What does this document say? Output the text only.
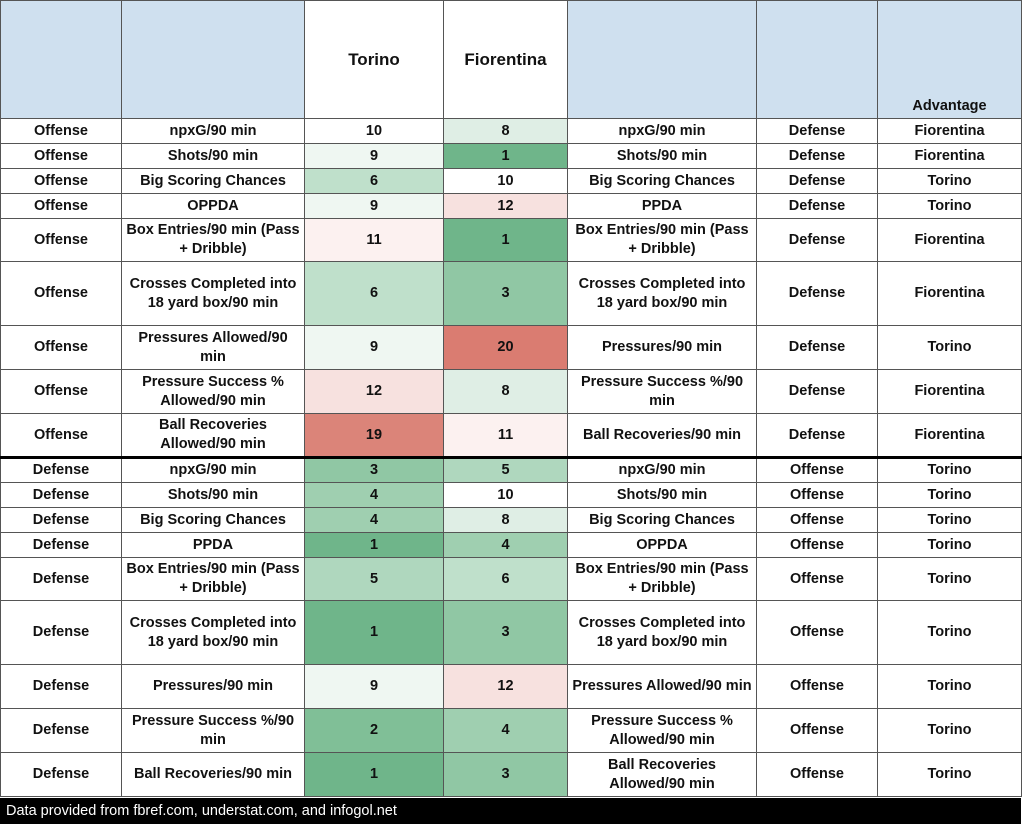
		Torino	Fiorentina			Advantage
Offense	npxG/90 min	10	8	npxG/90 min	Defense	Fiorentina
Offense	Shots/90 min	9	1	Shots/90 min	Defense	Fiorentina
Offense	Big Scoring Chances	6	10	Big Scoring Chances	Defense	Torino
Offense	OPPDA	9	12	PPDA	Defense	Torino
Offense	Box Entries/90 min (Pass + Dribble)	11	1	Box Entries/90 min (Pass + Dribble)	Defense	Fiorentina
Offense	Crosses Completed into 18 yard box/90 min	6	3	Crosses Completed into 18 yard box/90 min	Defense	Fiorentina
Offense	Pressures Allowed/90 min	9	20	Pressures/90 min	Defense	Torino
Offense	Pressure Success % Allowed/90 min	12	8	Pressure Success %/90 min	Defense	Fiorentina
Offense	Ball Recoveries Allowed/90 min	19	11	Ball Recoveries/90 min	Defense	Fiorentina
Defense	npxG/90 min	3	5	npxG/90 min	Offense	Torino
Defense	Shots/90 min	4	10	Shots/90 min	Offense	Torino
Defense	Big Scoring Chances	4	8	Big Scoring Chances	Offense	Torino
Defense	PPDA	1	4	OPPDA	Offense	Torino
Defense	Box Entries/90 min (Pass + Dribble)	5	6	Box Entries/90 min (Pass + Dribble)	Offense	Torino
Defense	Crosses Completed into 18 yard box/90 min	1	3	Crosses Completed into 18 yard box/90 min	Offense	Torino
Defense	Pressures/90 min	9	12	Pressures Allowed/90 min	Offense	Torino
Defense	Pressure Success %/90 min	2	4	Pressure Success % Allowed/90 min	Offense	Torino
Defense	Ball Recoveries/90 min	1	3	Ball Recoveries Allowed/90 min	Offense	Torino
Data provided from fbref.com, understat.com, and infogol.net
